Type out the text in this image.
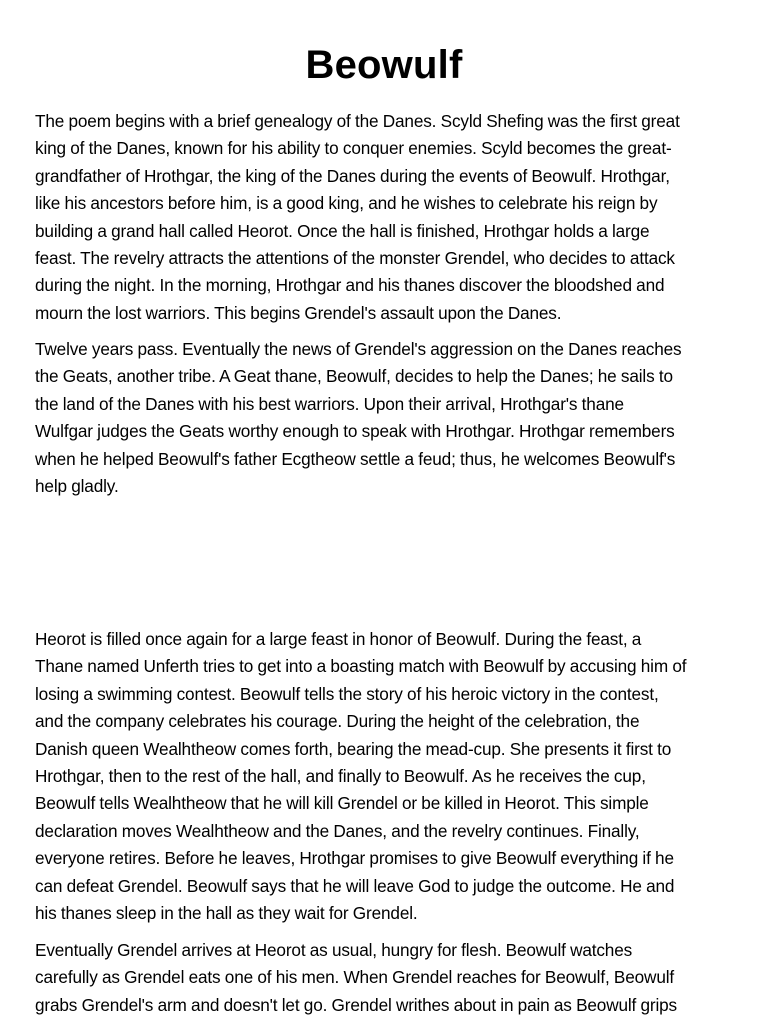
Beowulf
The poem begins with a brief genealogy of the Danes. Scyld Shefing was the first great
king of the Danes, known for his ability to conquer enemies. Scyld becomes the great-
grandfather of Hrothgar, the king of the Danes during the events of Beowulf. Hrothgar,
like his ancestors before him, is a good king, and he wishes to celebrate his reign by
building a grand hall called Heorot. Once the hall is finished, Hrothgar holds a large
feast. The revelry attracts the attentions of the monster Grendel, who decides to attack
during the night. In the morning, Hrothgar and his thanes discover the bloodshed and
mourn the lost warriors. This begins Grendel's assault upon the Danes.
Twelve years pass. Eventually the news of Grendel's aggression on the Danes reaches
the Geats, another tribe. A Geat thane, Beowulf, decides to help the Danes; he sails to
the land of the Danes with his best warriors. Upon their arrival, Hrothgar's thane
Wulfgar judges the Geats worthy enough to speak with Hrothgar. Hrothgar remembers
when he helped Beowulf's father Ecgtheow settle a feud; thus, he welcomes Beowulf's
help gladly.
Heorot is filled once again for a large feast in honor of Beowulf. During the feast, a
Thane named Unferth tries to get into a boasting match with Beowulf by accusing him of
losing a swimming contest. Beowulf tells the story of his heroic victory in the contest,
and the company celebrates his courage. During the height of the celebration, the
Danish queen Wealhtheow comes forth, bearing the mead-cup. She presents it first to
Hrothgar, then to the rest of the hall, and finally to Beowulf. As he receives the cup,
Beowulf tells Wealhtheow that he will kill Grendel or be killed in Heorot. This simple
declaration moves Wealhtheow and the Danes, and the revelry continues. Finally,
everyone retires. Before he leaves, Hrothgar promises to give Beowulf everything if he
can defeat Grendel. Beowulf says that he will leave God to judge the outcome. He and
his thanes sleep in the hall as they wait for Grendel.
Eventually Grendel arrives at Heorot as usual, hungry for flesh. Beowulf watches
carefully as Grendel eats one of his men. When Grendel reaches for Beowulf, Beowulf
grabs Grendel's arm and doesn't let go. Grendel writhes about in pain as Beowulf grips
